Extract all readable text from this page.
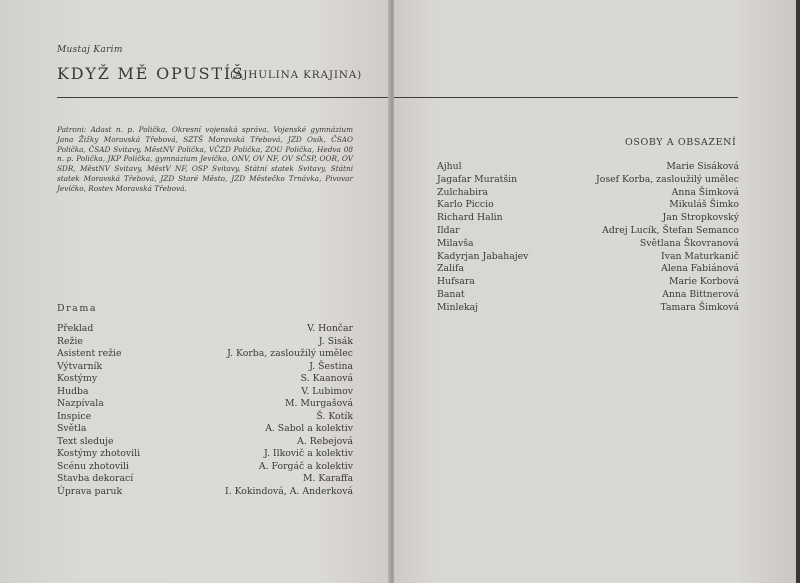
Mustaj Karim
KDYŽ MĚ OPUSTÍŠ
(AJHULINA KRAJINA)

Patroni: Adast n. p. Polička, Okresní vojenská správa, Vojenské gymnázium Jana Žižky Moravská Třebová, SZTŠ Moravská Třebová, JZD Osík, ČSAO Polička, ČSAD Svitavy, MěstNV Polička, VČZD Polička, ZOU Polička, Hedva 08 n. p. Polička, JKP Polička, gymnázium Jevíčko, ONV, OV NF, OV SČSP, OOR, OV SDR, MěstNV Svitavy, MěstV NF, OSP Svitavy, Státní statek Svitavy, Státní statek Moravská Třebová, JZD Staré Město, JZD Městečko Trnávka, Pivovar Jevíčko, Rostex Moravská Třebová.

Drama
Překlad	V. Hončar
Režie	J. Sisák
Asistent režie	J. Korba, zasloužilý umělec
Výtvarník	J. Šestina
Kostýmy	S. Kaanová
Hudba	V. Lubimov
Nazpívala	M. Murgašová
Inspice	Š. Kotík
Světla	A. Sabol a kolektiv
Text sleduje	A. Rebejová
Kostýmy zhotovili	J. Ilkovič a kolektiv
Scénu zhotovili	A. Forgáč a kolektiv
Stavba dekorací	M. Karaffa
Úprava paruk	I. Kokindová, A. Anderková
OSOBY A OBSAZENÍ
Ajhul	Marie Sisáková
Jagafar Muratšin	Josef Korba, zasloužilý umělec
Zulchabira	Anna Šimková
Karlo Piccio	Mikuláš Šimko
Richard Halin	Jan Stropkovský
Ildar	Adrej Lucík, Štefan Semanco
Milavša	Světlana Škovranová
Kadyrjan Jabahajev	Ivan Maturkanič
Zalifa	Alena Fabiánová
Hufsara	Marie Korbová
Banat	Anna Bittnerová
Minlekaj	Tamara Šimková
